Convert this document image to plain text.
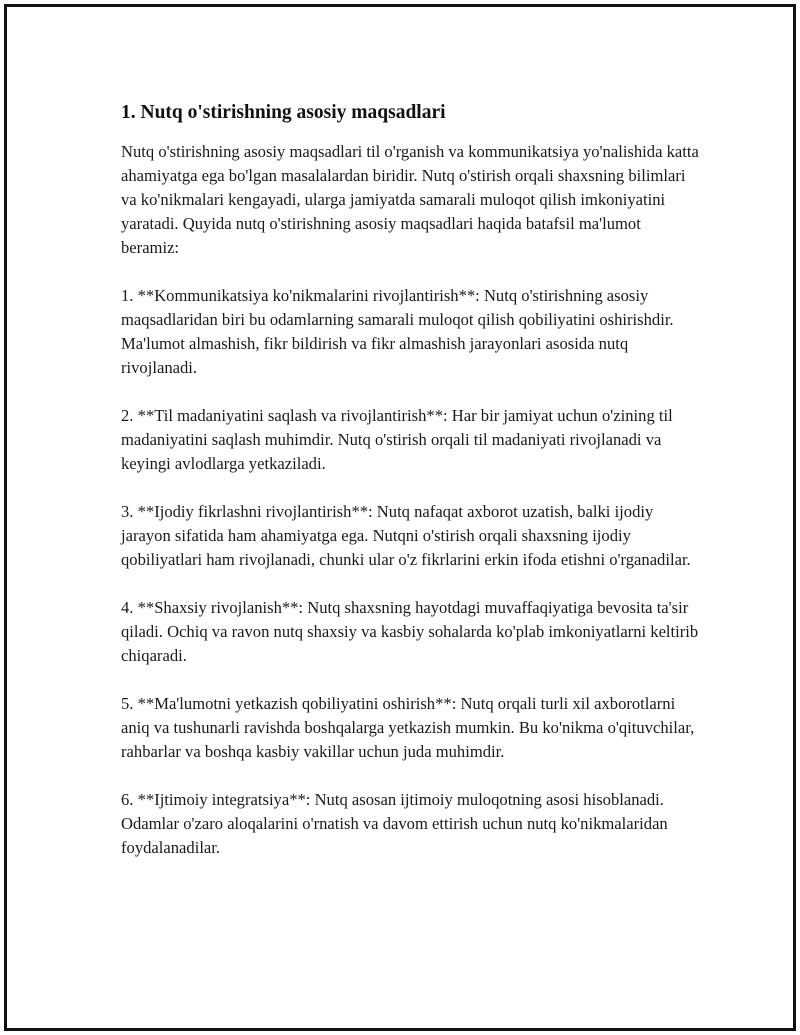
1. Nutq o'stirishning asosiy maqsadlari

Nutq o'stirishning asosiy maqsadlari til o'rganish va kommunikatsiya yo'nalishida katta ahamiyatga ega bo'lgan masalalardan biridir. Nutq o'stirish orqali shaxsning bilimlari va ko'nikmalari kengayadi, ularga jamiyatda samarali muloqot qilish imkoniyatini yaratadi. Quyida nutq o'stirishning asosiy maqsadlari haqida batafsil ma'lumot beramiz:

1. **Kommunikatsiya ko'nikmalarini rivojlantirish**: Nutq o'stirishning asosiy maqsadlaridan biri bu odamlarning samarali muloqot qilish qobiliyatini oshirishdir. Ma'lumot almashish, fikr bildirish va fikr almashish jarayonlari asosida nutq rivojlanadi.

2. **Til madaniyatini saqlash va rivojlantirish**: Har bir jamiyat uchun o'zining til madaniyatini saqlash muhimdir. Nutq o'stirish orqali til madaniyati rivojlanadi va keyingi avlodlarga yetkaziladi.

3. **Ijodiy fikrlashni rivojlantirish**: Nutq nafaqat axborot uzatish, balki ijodiy jarayon sifatida ham ahamiyatga ega. Nutqni o'stirish orqali shaxsning ijodiy qobiliyatlari ham rivojlanadi, chunki ular o'z fikrlarini erkin ifoda etishni o'rganadilar.

4. **Shaxsiy rivojlanish**: Nutq shaxsning hayotdagi muvaffaqiyatiga bevosita ta'sir qiladi. Ochiq va ravon nutq shaxsiy va kasbiy sohalarda ko'plab imkoniyatlarni keltirib chiqaradi.

5. **Ma'lumotni yetkazish qobiliyatini oshirish**: Nutq orqali turli xil axborotlarni aniq va tushunarli ravishda boshqalarga yetkazish mumkin. Bu ko'nikma o'qituvchilar, rahbarlar va boshqa kasbiy vakillar uchun juda muhimdir.

6. **Ijtimoiy integratsiya**: Nutq asosan ijtimoiy muloqotning asosi hisoblanadi. Odamlar o'zaro aloqalarini o'rnatish va davom ettirish uchun nutq ko'nikmalaridan foydalanadilar.
